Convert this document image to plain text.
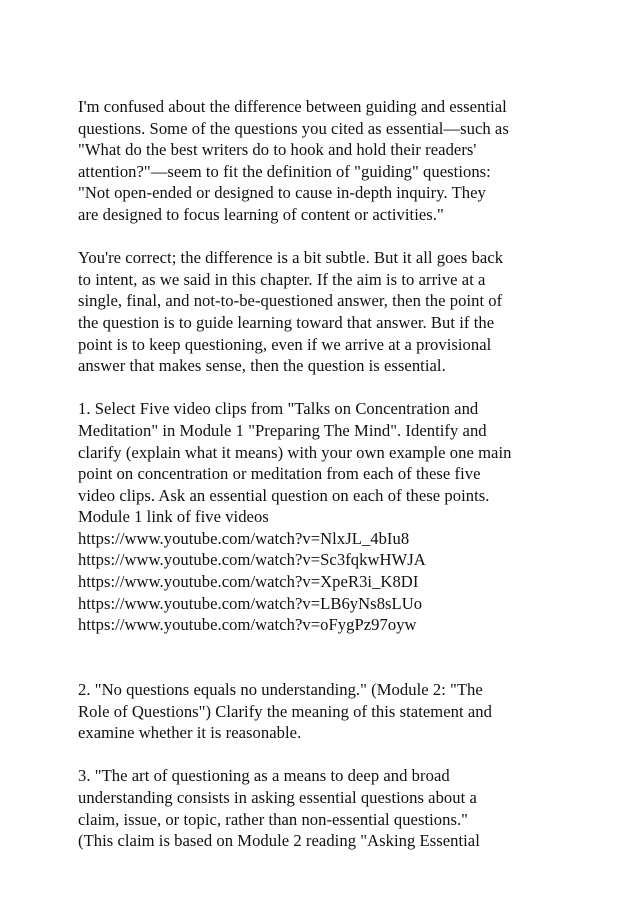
I'm confused about the difference between guiding and essential
questions. Some of the questions you cited as essential—such as
"What do the best writers do to hook and hold their readers'
attention?"—seem to fit the definition of "guiding" questions:
"Not open-ended or designed to cause in-depth inquiry. They
are designed to focus learning of content or activities."
You're correct; the difference is a bit subtle. But it all goes back
to intent, as we said in this chapter. If the aim is to arrive at a
single, final, and not-to-be-questioned answer, then the point of
the question is to guide learning toward that answer. But if the
point is to keep questioning, even if we arrive at a provisional
answer that makes sense, then the question is essential.
1. Select Five video clips from "Talks on Concentration and
Meditation" in Module 1 "Preparing The Mind". Identify and
clarify (explain what it means) with your own example one main
point on concentration or meditation from each of these five
video clips. Ask an essential question on each of these points.
Module 1 link of five videos
https://www.youtube.com/watch?v=NlxJL_4bIu8
https://www.youtube.com/watch?v=Sc3fqkwHWJA
https://www.youtube.com/watch?v=XpeR3i_K8DI
https://www.youtube.com/watch?v=LB6yNs8sLUo
https://www.youtube.com/watch?v=oFygPz97oyw
2. "No questions equals no understanding." (Module 2: "The
Role of Questions") Clarify the meaning of this statement and
examine whether it is reasonable.
3. "The art of questioning as a means to deep and broad
understanding consists in asking essential questions about a
claim, issue, or topic, rather than non-essential questions."
(This claim is based on Module 2 reading "Asking Essential
